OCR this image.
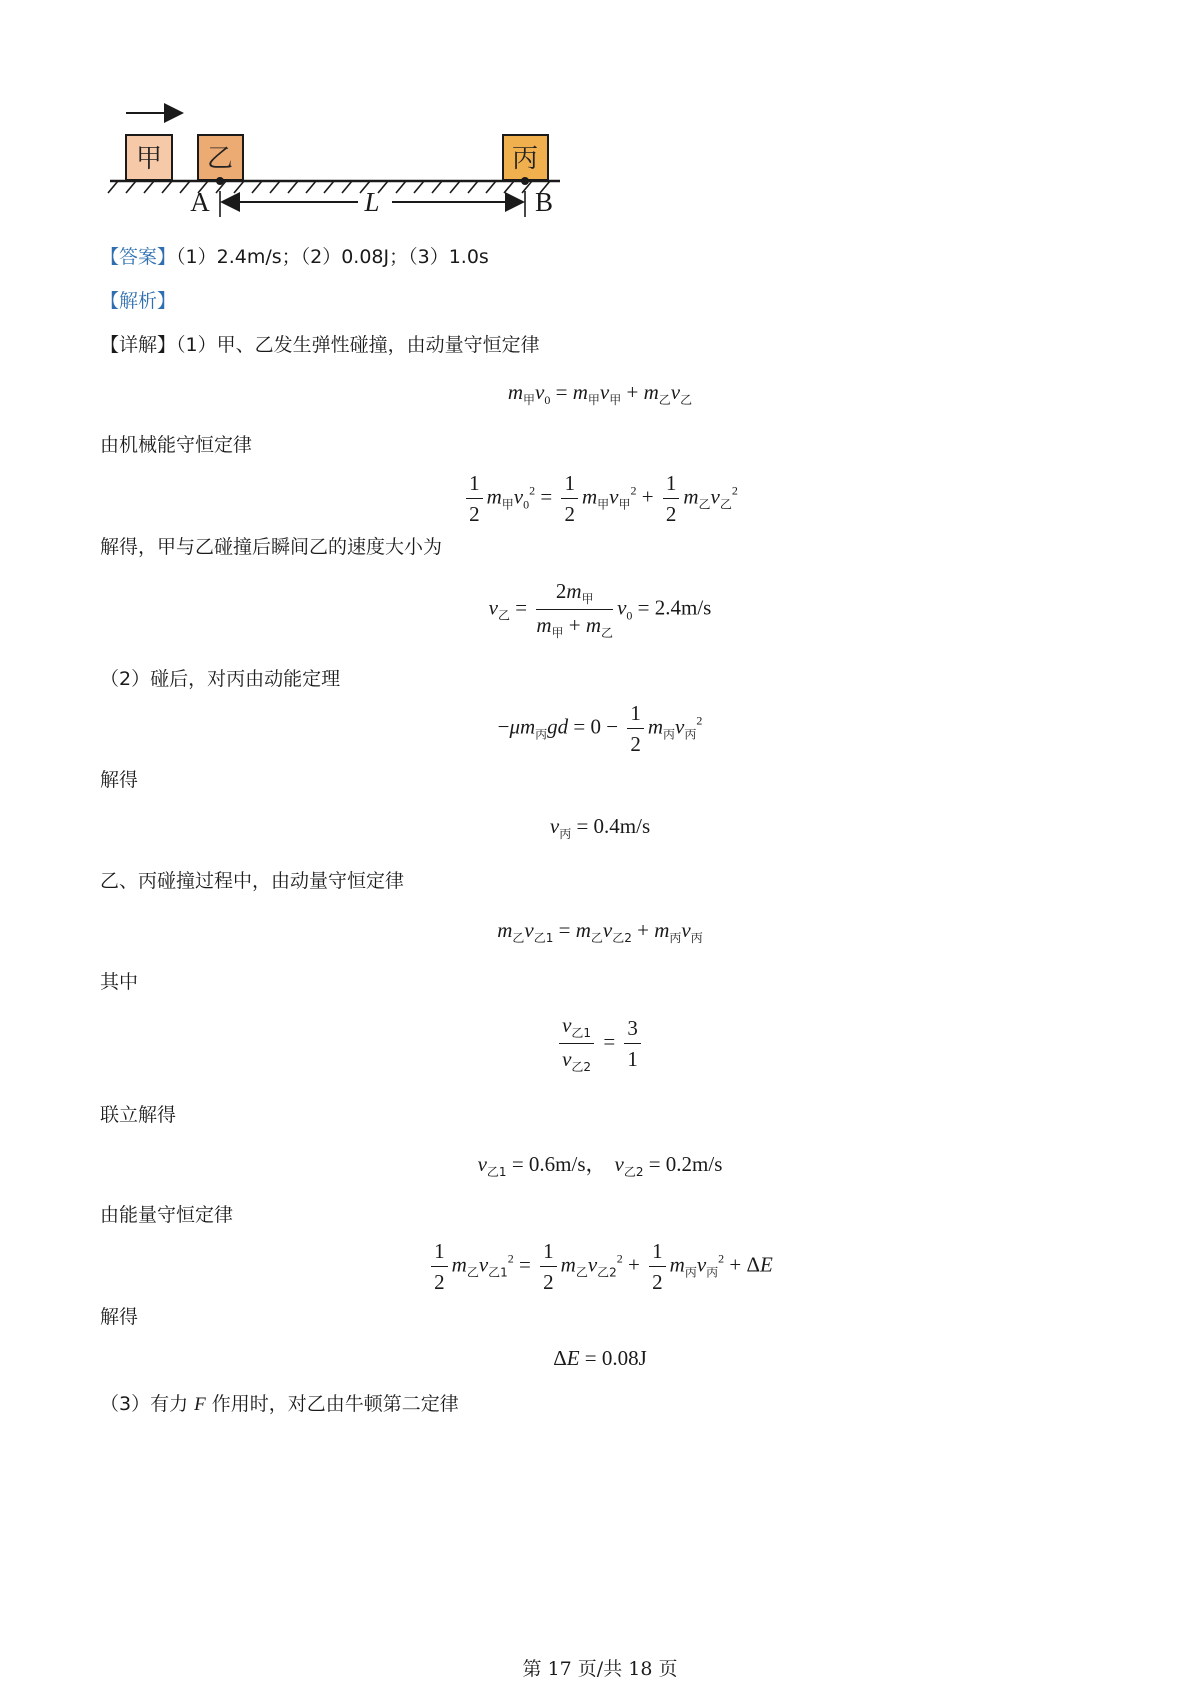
甲 乙	丙
A	L	B
【答案】（1）2.4m/s；（2）0.08J；（3）1.0s
【解析】
【详解】（1）甲、乙发生弹性碰撞，由动量守恒定律
$m_甲v_0 = m_甲v_甲 + m_乙v_乙$
由机械能守恒定律
$\frac{1}{2} m_甲v_0^2 = \frac{1}{2} m_甲v_甲^2 + \frac{1}{2} m_乙v_乙^2$
解得，甲与乙碰撞后瞬间乙的速度大小为
$v_乙 = \frac{2m_甲}{m_甲 + m_乙} v_0 = 2.4m/s$
（2）碰后，对丙由动能定理
$-\mu m_丙gd = 0 - \frac{1}{2} m_丙v_丙^2$
解得
$v_丙 = 0.4m/s$
乙、丙碰撞过程中，由动量守恒定律
$m_乙v_{乙1} = m_乙v_{乙2} + m_丙v_丙$
其中
$\frac{v_{乙1}}{v_{乙2}} = \frac{3}{1}$
联立解得
$v_{乙1} = 0.6m/s$， $v_{乙2} = 0.2m/s$
由能量守恒定律
$\frac{1}{2} m_乙v_{乙1}^2 = \frac{1}{2} m_乙v_{乙2}^2 + \frac{1}{2} m_丙v_丙^2 + \Delta E$
解得
ΔE = 0.08J
（3）有力 F 作用时，对乙由牛顿第二定律
第 17 页/共 18 页
